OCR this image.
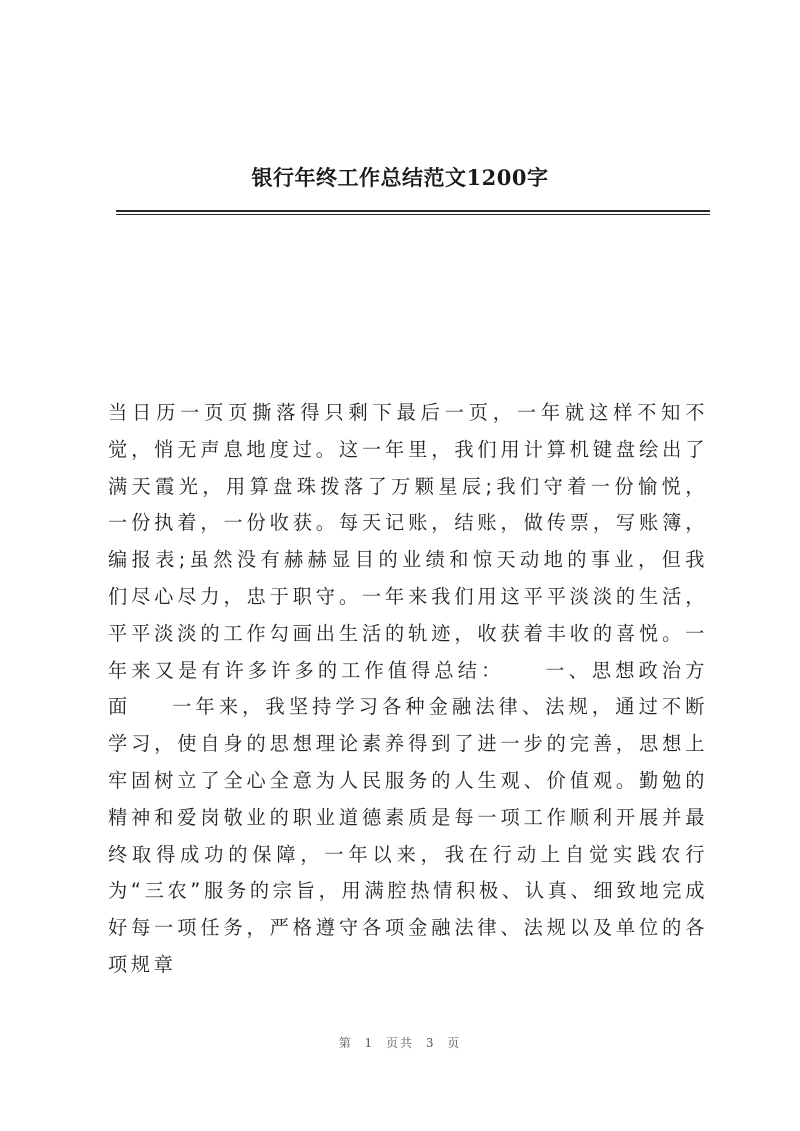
银行年终工作总结范文1200字

当日历一页页撕落得只剩下最后一页，一年就这样不知不觉，悄无声息地度过。这一年里，我们用计算机键盘绘出了满天霞光，用算盘珠拨落了万颗星辰;我们守着一份愉悦，一份执着，一份收获。每天记账，结账，做传票，写账簿，编报表;虽然没有赫赫显目的业绩和惊天动地的事业，但我们尽心尽力，忠于职守。一年来我们用这平平淡淡的生活，平平淡淡的工作勾画出生活的轨迹，收获着丰收的喜悦。一年来又是有许多许多的工作值得总结：    一、思想政治方面    一年来，我坚持学习各种金融法律、法规，通过不断学习，使自身的思想理论素养得到了进一步的完善，思想上牢固树立了全心全意为人民服务的人生观、价值观。勤勉的精神和爱岗敬业的职业道德素质是每一项工作顺利开展并最终取得成功的保障，一年以来，我在行动上自觉实践农行为“三农”服务的宗旨，用满腔热情积极、认真、细致地完成好每一项任务，严格遵守各项金融法律、法规以及单位的各项规章

第 1 页共 3 页
